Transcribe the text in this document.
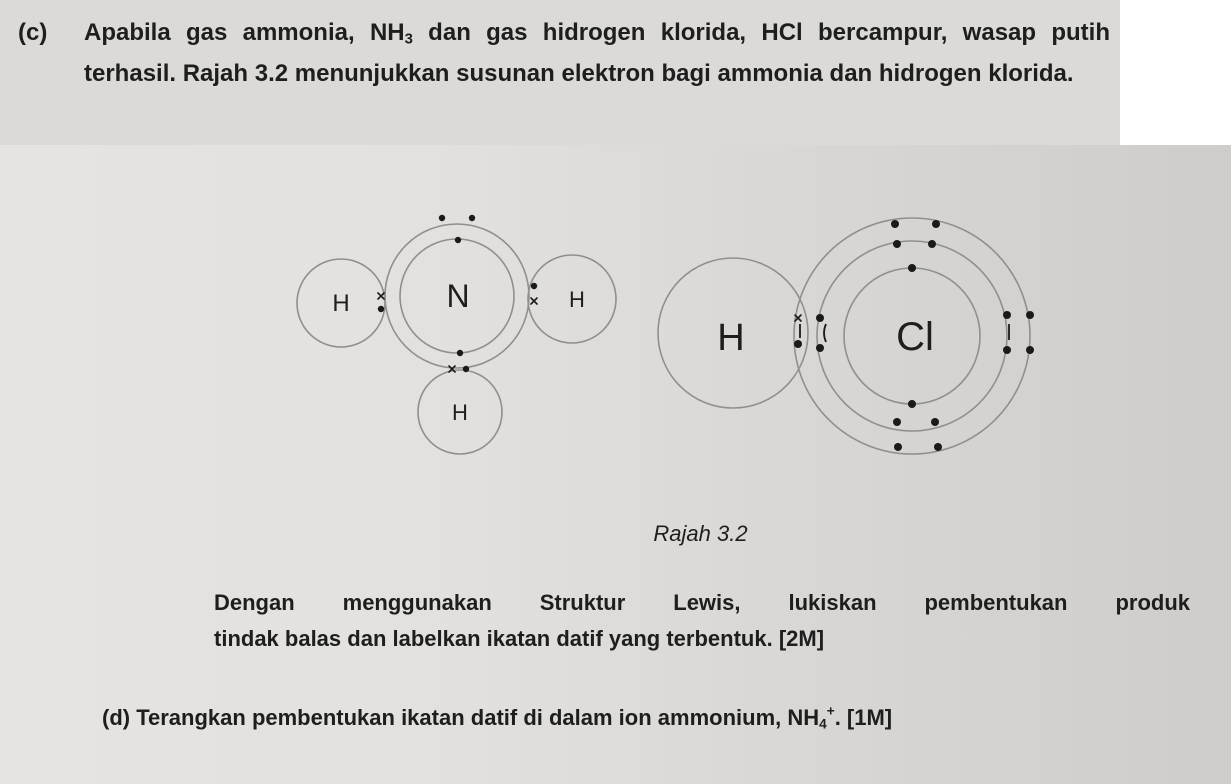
(c) Apabila gas ammonia, $NH_3$ dan gas hidrogen klorida, HCl bercampur, wasap putih terhasil. Rajah 3.2 menunjukkan susunan elektron bagi ammonia dan hidrogen klorida.
H	N	H
H
H	Cl
Rajah 3.2
Dengan menggunakan Struktur Lewis, lukiskan pembentukan produk
tindak balas dan labelkan ikatan datif yang terbentuk. [2M]
(d) Terangkan pembentukan ikatan datif di dalam ion ammonium, $NH_4^+$. [1M]
